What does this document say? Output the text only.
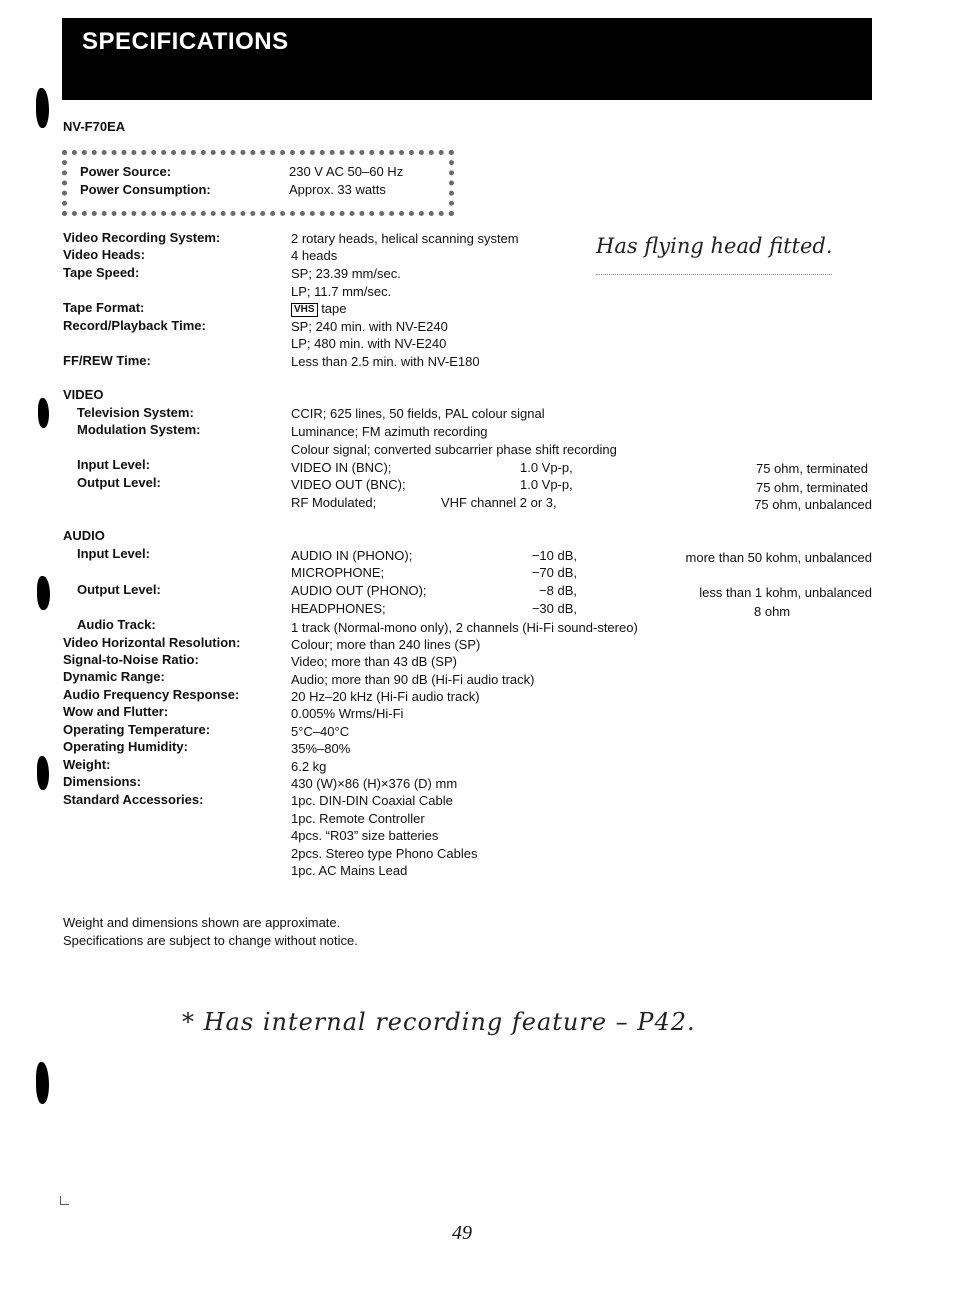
SPECIFICATIONS
NV-F70EA
Power Source:	230 V AC 50–60 Hz
Power Consumption:	Approx. 33 watts
Video Recording System:	2 rotary heads, helical scanning system
Video Heads:	4 heads
Tape Speed:	SP; 23.39 mm/sec.
LP; 11.7 mm/sec.
Tape Format:	VHS tape
Record/Playback Time:	SP; 240 min. with NV-E240
LP; 480 min. with NV-E240
FF/REW Time:	Less than 2.5 min. with NV-E180
Has flying head fitted.
VIDEO
Television System:	CCIR; 625 lines, 50 fields, PAL colour signal
Modulation System:	Luminance; FM azimuth recording
Colour signal; converted subcarrier phase shift recording
Input Level:	VIDEO IN (BNC);	1.0 Vp-p,	75 ohm, terminated
Output Level:	VIDEO OUT (BNC);	1.0 Vp-p,	75 ohm, terminated
RF Modulated;	VHF channel 2 or 3,	75 ohm, unbalanced
AUDIO
Input Level:	AUDIO IN (PHONO);	−10 dB,	more than 50 kohm, unbalanced
MICROPHONE;	−70 dB,
Output Level:	AUDIO OUT (PHONO);	−8 dB,	less than 1 kohm, unbalanced
HEADPHONES;	−30 dB,	8 ohm
Audio Track:	1 track (Normal-mono only), 2 channels (Hi-Fi sound-stereo)
Video Horizontal Resolution:	Colour; more than 240 lines (SP)
Signal-to-Noise Ratio:	Video; more than 43 dB (SP)
Dynamic Range:	Audio; more than 90 dB (Hi-Fi audio track)
Audio Frequency Response:	20 Hz–20 kHz (Hi-Fi audio track)
Wow and Flutter:	0.005% Wrms/Hi-Fi
Operating Temperature:	5°C–40°C
Operating Humidity:	35%–80%
Weight:	6.2 kg
Dimensions:	430 (W)×86 (H)×376 (D) mm
Standard Accessories:	1pc. DIN-DIN Coaxial Cable
1pc. Remote Controller
4pcs. “R03” size batteries
2pcs. Stereo type Phono Cables
1pc. AC Mains Lead
Weight and dimensions shown are approximate.
Specifications are subject to change without notice.
* Has internal recording feature – P42.
49
